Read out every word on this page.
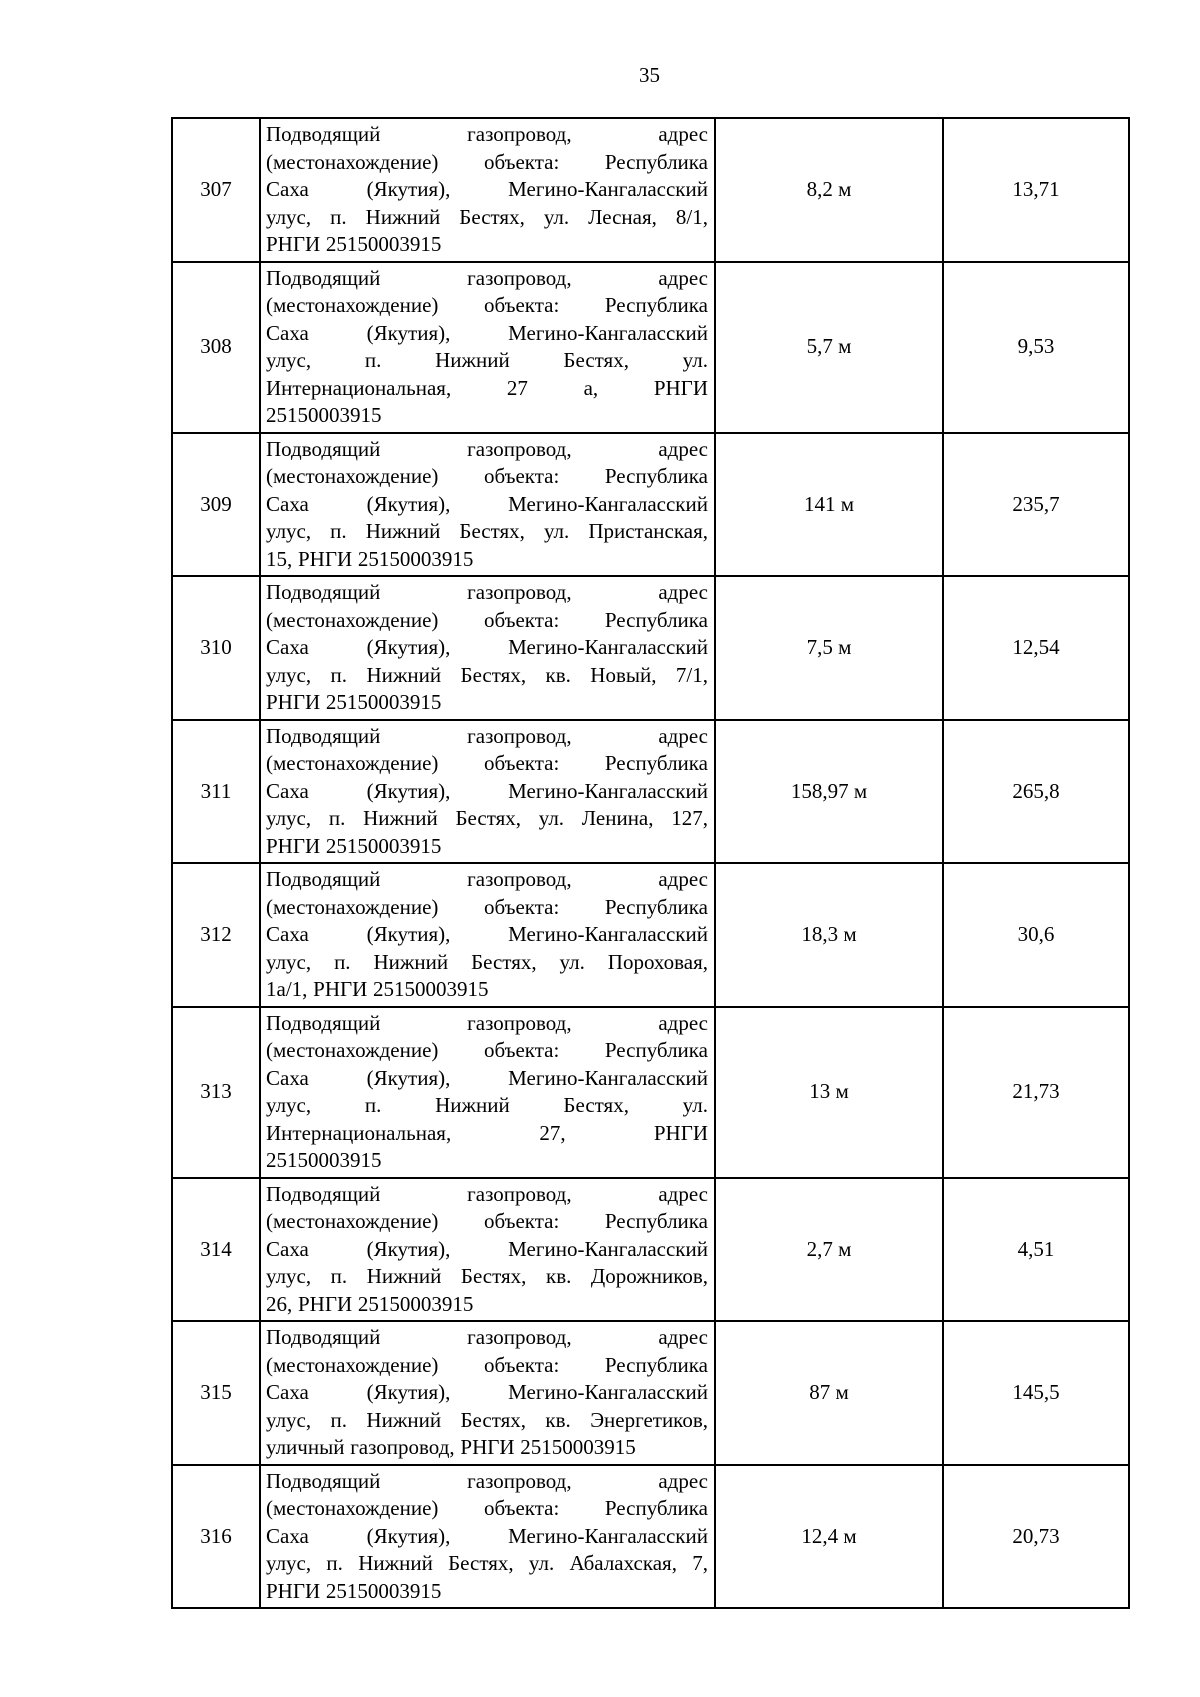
35
307	Подводящий газопровод, адрес
(местонахождение) объекта: Республика
Саха (Якутия), Мегино-Кангаласский
улус, п. Нижний Бестях, ул. Лесная, 8/1,
РНГИ 25150003915	8,2 м	13,71
308	
Подводящий газопровод, адрес
(местонахождение) объекта: Республика
Саха (Якутия), Мегино-Кангаласский
улус, п. Нижний Бестях, ул.
Интернациональная, 27 а, РНГИ
25150003915
	5,7 м	9,53
309	Подводящий газопровод, адрес
(местонахождение) объекта: Республика
Саха (Якутия), Мегино-Кангаласский
улус, п. Нижний Бестях, ул. Пристанская,
15, РНГИ 25150003915	141 м	235,7
310	Подводящий газопровод, адрес
(местонахождение) объекта: Республика
Саха (Якутия), Мегино-Кангаласский
улус, п. Нижний Бестях, кв. Новый, 7/1,
РНГИ 25150003915	7,5 м	12,54
311	Подводящий газопровод, адрес
(местонахождение) объекта: Республика
Саха (Якутия), Мегино-Кангаласский
улус, п. Нижний Бестях, ул. Ленина, 127,
РНГИ 25150003915	158,97 м	265,8
312	Подводящий газопровод, адрес
(местонахождение) объекта: Республика
Саха (Якутия), Мегино-Кангаласский
улус, п. Нижний Бестях, ул. Пороховая,
1а/1, РНГИ 25150003915	18,3 м	30,6
313	
Подводящий газопровод, адрес
(местонахождение) объекта: Республика
Саха (Якутия), Мегино-Кангаласский
улус, п. Нижний Бестях, ул.
Интернациональная, 27, РНГИ
25150003915
	13 м	21,73
314	Подводящий газопровод, адрес
(местонахождение) объекта: Республика
Саха (Якутия), Мегино-Кангаласский
улус, п. Нижний Бестях, кв. Дорожников,
26, РНГИ 25150003915	2,7 м	4,51
315	Подводящий газопровод, адрес
(местонахождение) объекта: Республика
Саха (Якутия), Мегино-Кангаласский
улус, п. Нижний Бестях, кв. Энергетиков,
уличный газопровод, РНГИ 25150003915	87 м	145,5
316	Подводящий газопровод, адрес
(местонахождение) объекта: Республика
Саха (Якутия), Мегино-Кангаласский
улус, п. Нижний Бестях, ул. Абалахская, 7,
РНГИ 25150003915	12,4 м	20,73
